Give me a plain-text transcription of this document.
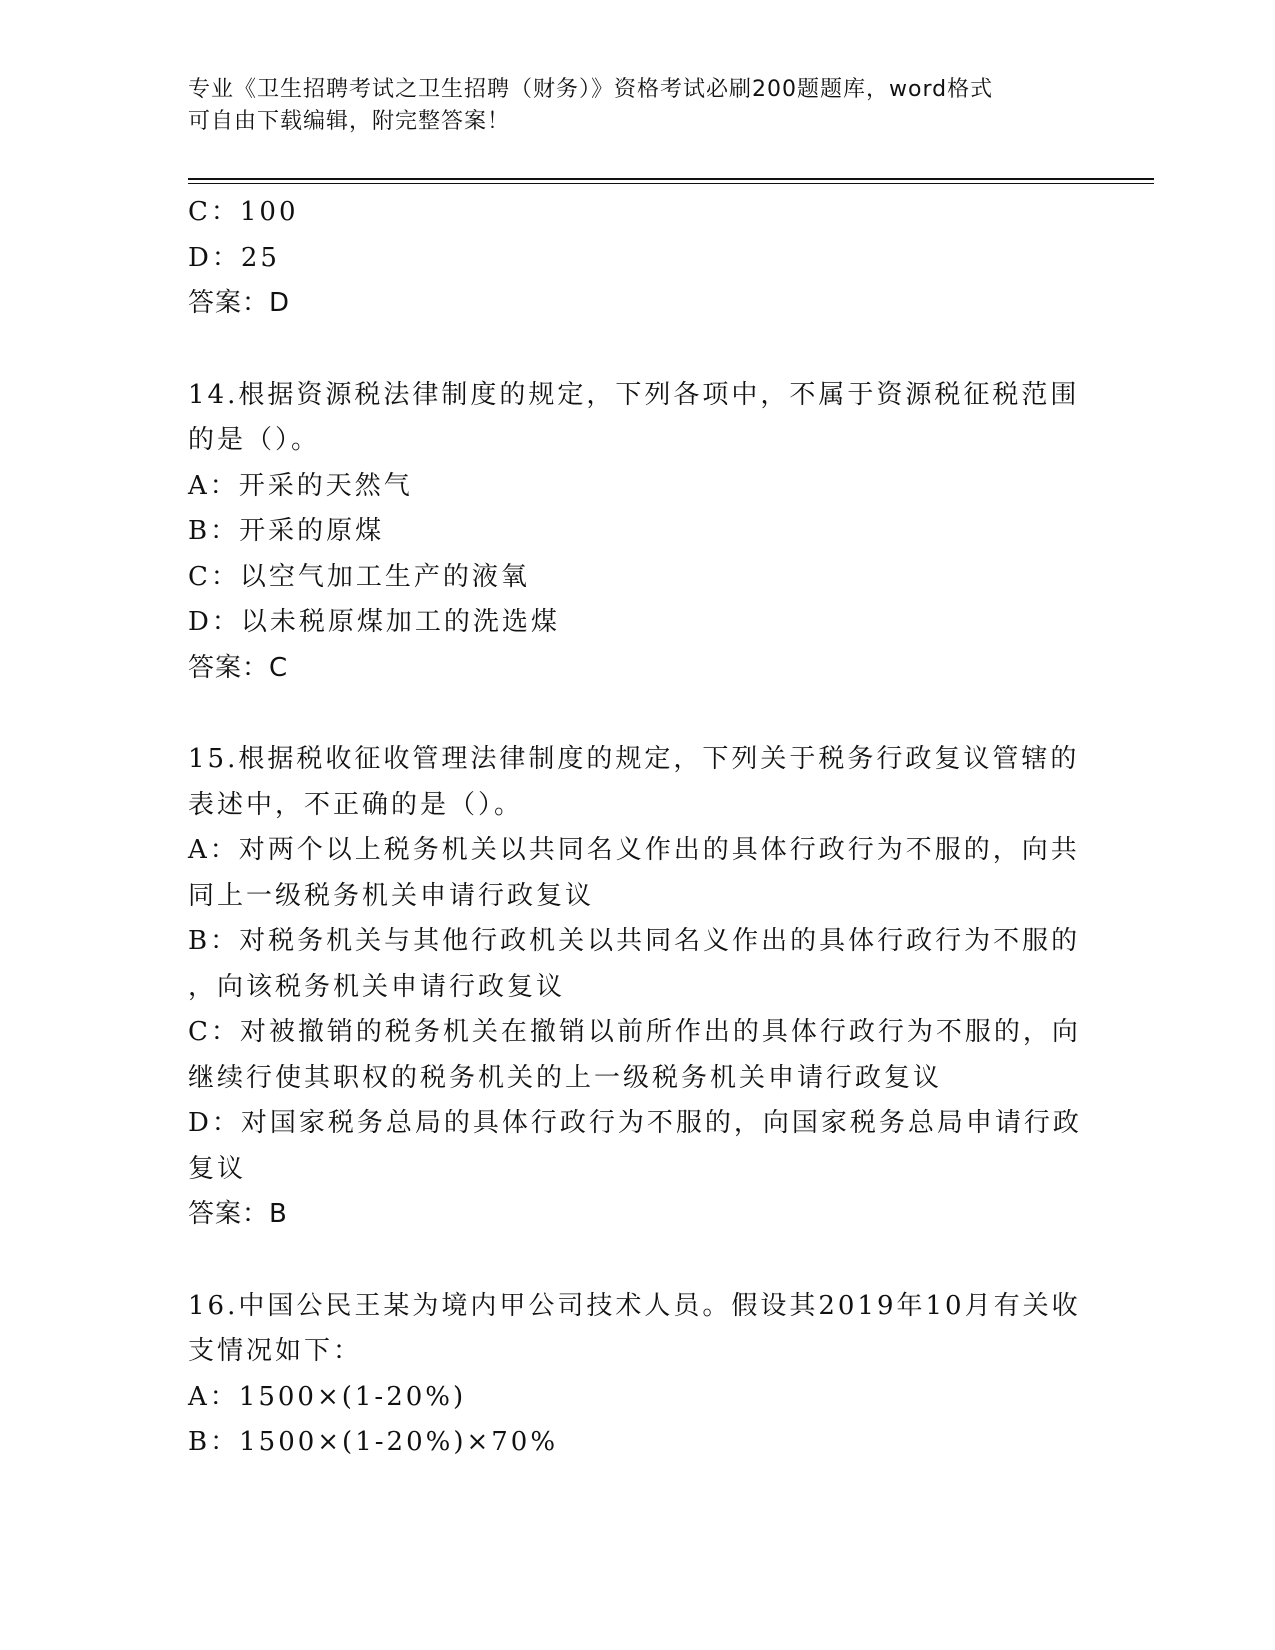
专业《卫生招聘考试之卫生招聘（财务）》资格考试必刷200题题库，word格式
可自由下载编辑，附完整答案！
C：100
D：25
答案：D
14.根据资源税法律制度的规定，下列各项中，不属于资源税征税范围
的是（）。
A：开采的天然气
B：开采的原煤
C：以空气加工生产的液氧
D：以未税原煤加工的洗选煤
答案：C
15.根据税收征收管理法律制度的规定，下列关于税务行政复议管辖的
表述中，不正确的是（）。
A：对两个以上税务机关以共同名义作出的具体行政行为不服的，向共
同上一级税务机关申请行政复议
B：对税务机关与其他行政机关以共同名义作出的具体行政行为不服的
，向该税务机关申请行政复议
C：对被撤销的税务机关在撤销以前所作出的具体行政行为不服的，向
继续行使其职权的税务机关的上一级税务机关申请行政复议
D：对国家税务总局的具体行政行为不服的，向国家税务总局申请行政
复议
答案：B
16.中国公民王某为境内甲公司技术人员。假设其2019年10月有关收
支情况如下：
A：1500×(1-20%)
B：1500×(1-20%)×70%
